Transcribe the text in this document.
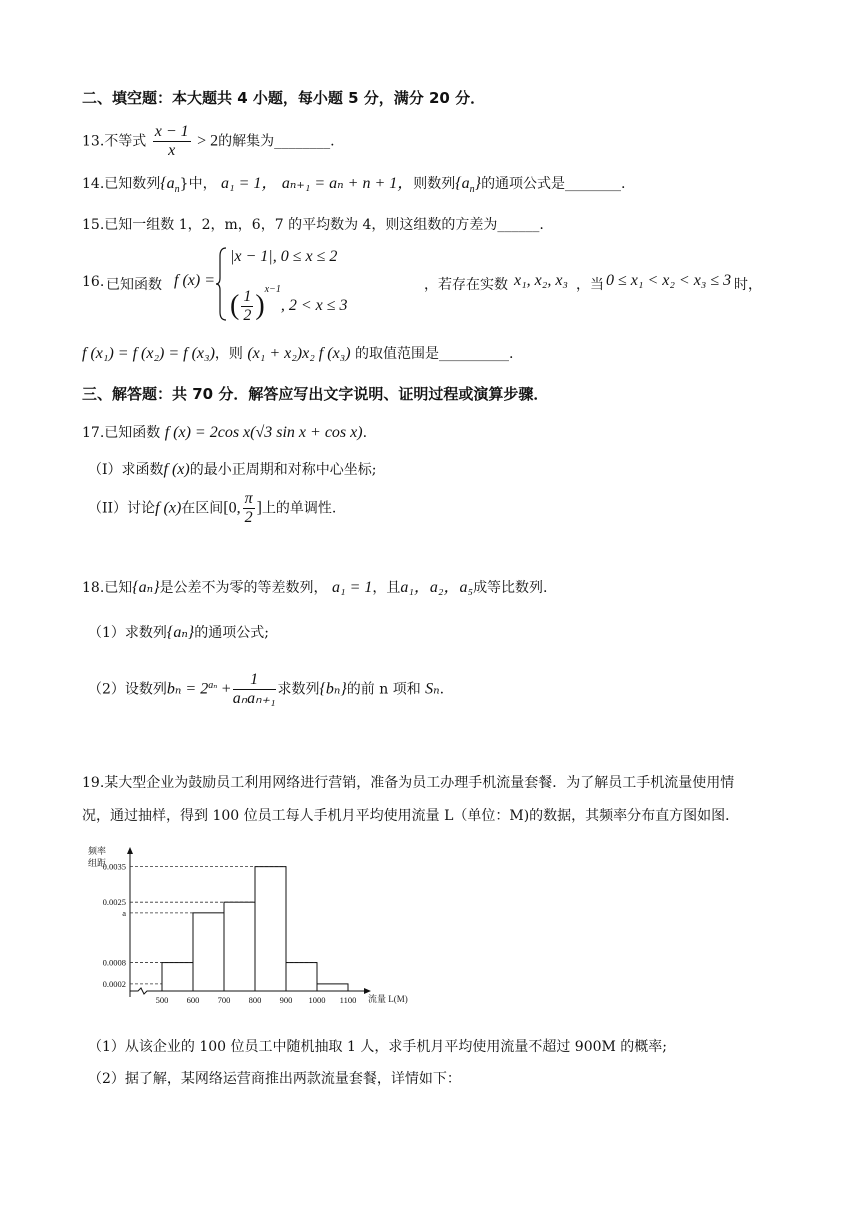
二、填空题：本大题共 4 小题，每小题 5 分，满分 20 分．
13.不等式 $\frac{x - 1}{x} > 2$的解集为________.
14.已知数列$\{a_n\}$中， a₁ = 1， aₙ₊₁ = aₙ + n + 1，则数列$\{a_n\}$的通项公式是________.
15.已知一组数 1，2，m，6，7 的平均数为 4，则这组数的方差为______.
16. 已知函数 f (x) =
|x − 1|, 0 ≤ x ≤ 2
( $\frac{1}{2} )^{x-1}$, 2 < x ≤ 3
，若存在实数 x₁, x₂, x₃ ，当 0 ≤ x₁ < x₂ < x₃ ≤ 3 时，
f (x₁) = f (x₂) = f (x₃)，则 (x₁ + x₂)x₂ f (x₃) 的取值范围是__________.
三、解答题：共 70 分．解答应写出文字说明、证明过程或演算步骤．
17.已知函数 f (x) = 2cos x(√3 sin x + cos x).
（I）求函数f (x)的最小正周期和对称中心坐标;
（II）讨论f (x)在区间[0, $\frac{\pi}{2}$ ]上的单调性.
18.已知{aₙ}是公差不为零的等差数列， a₁ = 1，且a₁，a₂，a₅成等比数列.
（1）求数列{aₙ}的通项公式;
（2）设数列$b_n = 2^{a_n} + \frac{1}{\text{aₙaₙ₊₁}}$ 求数列{bₙ}的前 n 项和 Sₙ.
19.某大型企业为鼓励员工利用网络进行营销，准备为员工办理手机流量套餐．为了解员工手机流量使用情
况，通过抽样，得到 100 位员工每人手机月平均使用流量 L（单位：M)的数据，其频率分布直方图如图．
频率
组距
流量 L(M)
0.0035
0.0025
a
0.0008
0.0002
500 600 700 800 900 1000 1100
（1）从该企业的 100 位员工中随机抽取 1 人，求手机月平均使用流量不超过 900M 的概率;
（2）据了解，某网络运营商推出两款流量套餐，详情如下：
